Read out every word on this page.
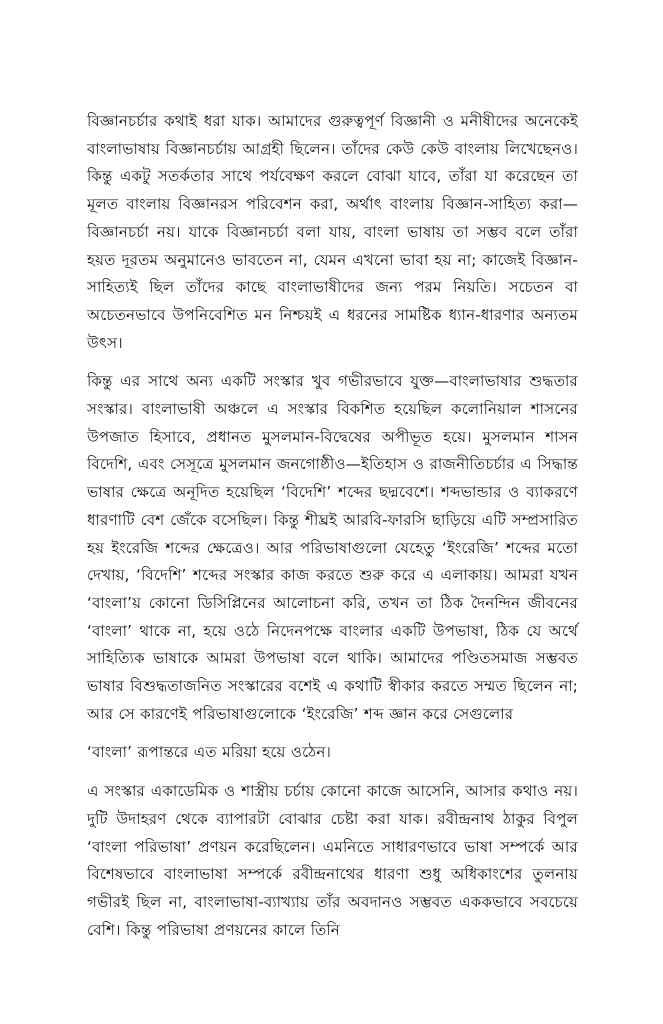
বিজ্ঞানচর্চার কথাই ধরা যাক। আমাদের গুরুত্বপূর্ণ বিজ্ঞানী ও মনীষীদের অনেকেই বাংলাভাষায় বিজ্ঞানচর্চায় আগ্রহী ছিলেন। তাঁদের কেউ কেউ বাংলায় লিখেছেনও। কিন্তু একটু সতর্কতার সাথে পর্যবেক্ষণ করলে বোঝা যাবে, তাঁরা যা করেছেন তা মূলত বাংলায় বিজ্ঞানরস পরিবেশন করা, অর্থাৎ বাংলায় বিজ্ঞান-সাহিত্য করা—বিজ্ঞানচর্চা নয়। যাকে বিজ্ঞানচর্চা বলা যায়, বাংলা ভাষায় তা সম্ভব বলে তাঁরা হয়ত দূরতম অনুমানেও ভাবতেন না, যেমন এখনো ভাবা হয় না; কাজেই বিজ্ঞান-সাহিত্যই ছিল তাঁদের কাছে বাংলাভাষীদের জন্য পরম নিয়তি। সচেতন বা অচেতনভাবে উপনিবেশিত মন নিশ্চয়ই এ ধরনের সামষ্টিক ধ্যান-ধারণার অন্যতম উৎস।

কিন্তু এর সাথে অন্য একটি সংস্কার খুব গভীরভাবে যুক্ত—বাংলাভাষার শুদ্ধতার সংস্কার। বাংলাভাষী অঞ্চলে এ সংস্কার বিকশিত হয়েছিল কলোনিয়াল শাসনের উপজাত হিসাবে, প্রধানত মুসলমান-বিদ্বেষের অপীভূত হয়ে। মুসলমান শাসন বিদেশি, এবং সেসূত্রে মুসলমান জনগোষ্ঠীও—ইতিহাস ও রাজনীতিচর্চার এ সিদ্ধান্ত ভাষার ক্ষেত্রে অনূদিত হয়েছিল ‘বিদেশি’ শব্দের ছদ্মবেশে। শব্দভান্ডার ও ব্যাকরণে ধারণাটি বেশ জেঁকে বসেছিল। কিন্তু শীঘ্রই আরবি-ফারসি ছাড়িয়ে এটি সম্প্রসারিত হয় ইংরেজি শব্দের ক্ষেত্রেও। আর পরিভাষাগুলো যেহেতু ‘ইংরেজি’ শব্দের মতো দেখায়, ‘বিদেশি’ শব্দের সংস্কার কাজ করতে শুরু করে এ এলাকায়। আমরা যখন ‘বাংলা’য় কোনো ডিসিপ্লিনের আলোচনা করি, তখন তা ঠিক দৈনন্দিন জীবনের ‘বাংলা’ থাকে না, হয়ে ওঠে নিদেনপক্ষে বাংলার একটি উপভাষা, ঠিক যে অর্থে সাহিত্যিক ভাষাকে আমরা উপভাষা বলে থাকি। আমাদের পণ্ডিতসমাজ সম্ভবত ভাষার বিশুদ্ধতাজনিত সংস্কারের বশেই এ কথাটি স্বীকার করতে সম্মত ছিলেন না; আর সে কারণেই পরিভাষাগুলোকে ‘ইংরেজি’ শব্দ জ্ঞান করে সেগুলোর

‘বাংলা’ রূপান্তরে এত মরিয়া হয়ে ওঠেন।

এ সংস্কার একাডেমিক ও শাস্ত্রীয় চর্চায় কোনো কাজে আসেনি, আসার কথাও নয়। দুটি উদাহরণ থেকে ব্যাপারটা বোঝার চেষ্টা করা যাক। রবীন্দ্রনাথ ঠাকুর বিপুল ‘বাংলা পরিভাষা’ প্রণয়ন করেছিলেন। এমনিতে সাধারণভাবে ভাষা সম্পর্কে আর বিশেষভাবে বাংলাভাষা সম্পর্কে রবীন্দ্রনাথের ধারণা শুধু অধিকাংশের তুলনায় গভীরই ছিল না, বাংলাভাষা-ব্যাখ্যায় তাঁর অবদানও সম্ভবত এককভাবে সবচেয়ে বেশি। কিন্তু পরিভাষা প্রণয়নের কালে তিনি
